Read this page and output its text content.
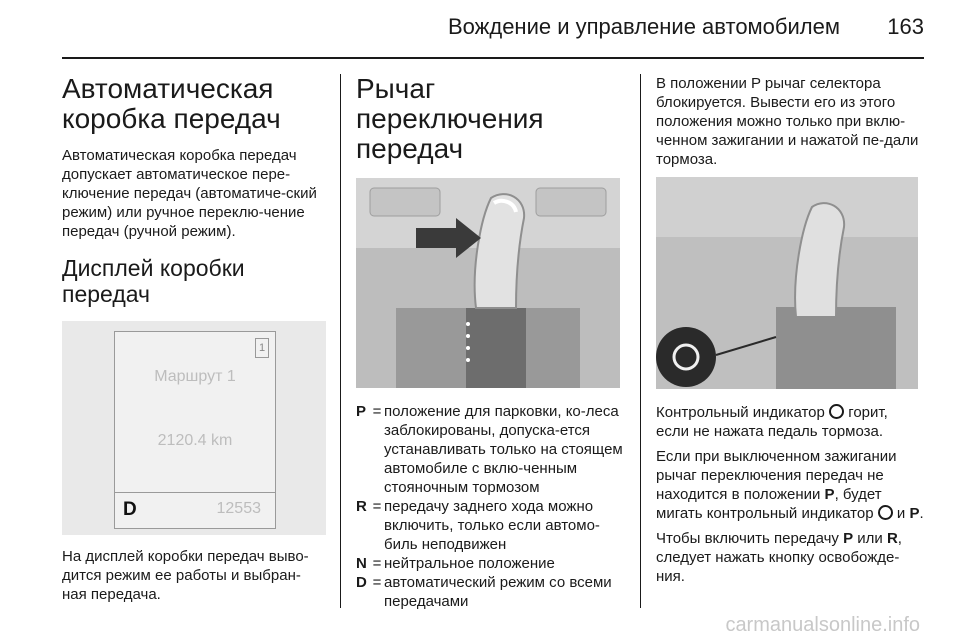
Вождение и управление автомобилем 163
Автоматическая
коробка передач

Автоматическая коробка передач допускает автоматическое пере-ключение передач (автоматиче-ский режим) или ручное переклю-чение передач (ручной режим).

Дисплей коробки
передач
1
Маршрут 1
2120.4 km
D	12553

На дисплей коробки передач выво-дится режим ее работы и выбран-ная передача.

Рычаг переключения
передач
P = положение для парковки, ко-леса заблокированы, допуска-ется устанавливать только на стоящем автомобиле с вклю-ченным стояночным тормозом
R = передачу заднего хода можно включить, только если автомо-биль неподвижен
N = нейтральное положение
D = автоматический режим со всеми передачами

В положении P рычаг селектора блокируется. Вывести его из этого положения можно только при вклю-ченном зажигании и нажатой пе-дали тормоза.

Контрольный индикатор  горит, если не нажата педаль тормоза.

Если при выключенном зажигании рычаг переключения передач не находится в положении P, будет мигать контрольный индикатор  и P.

Чтобы включить передачу P или R, следует нажать кнопку освобожде-ния.

carmanualsonline.info
